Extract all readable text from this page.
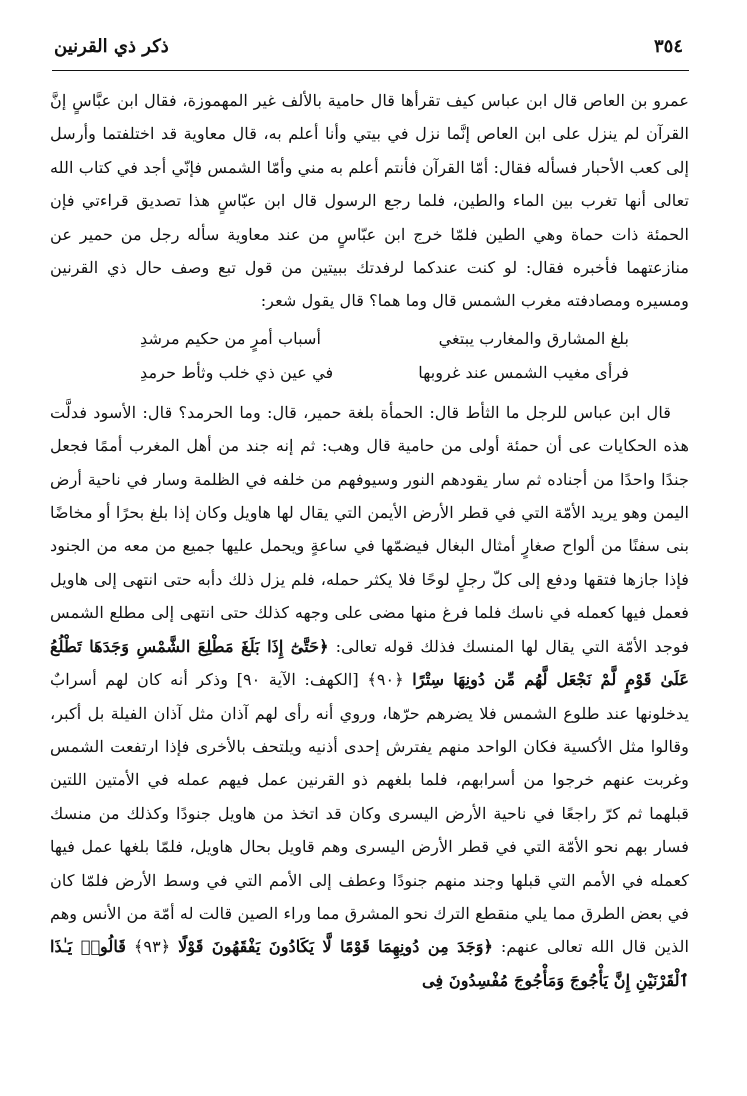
٣٥٤
ذكر ذي القرنين

عمرو بن العاص قال ابن عباس كيف تقرأها قال حامية بالألف غير المهموزة، فقال ابن عبَّاسٍ إنَّ القرآن لم ينزل على ابن العاص إنَّما نزل في بيتي وأنا أعلم به، قال معاوية قد اختلفتما وأرسل إلى كعب الأحبار فسأله فقال: أمّا القرآن فأنتم أعلم به مني وأمّا الشمس فإنّي أجد في كتاب الله تعالى أنها تغرب بين الماء والطين، فلما رجع الرسول قال ابن عبّاسٍ هذا تصديق قراءتي فإن الحمئة ذات حماة وهي الطين فلمّا خرج ابن عبّاسٍ من عند معاوية سأله رجل من حمير عن منازعتهما فأخبره فقال: لو كنت عندكما لرفدتك ببيتين من قول تبع وصف حال ذي القرنين ومسيره ومصادفته مغرب الشمس قال وما هما؟ قال يقول شعر:

بلغ المشارق والمغارب يبتغي
أسباب أمرٍ من حكيم مرشدِ
فرأى مغيب الشمس عند غروبها
في عين ذي خلب وثأط حرمدِ

قال ابن عباس للرجل ما الثأط قال: الحمأة بلغة حمير، قال: وما الحرمد؟ قال: الأسود فدلَّت هذه الحكايات عى أن حمئة أولى من حامية قال وهب: ثم إنه جند من أهل المغرب أممًا فجعل جندًا واحدًا من أجناده ثم سار يقودهم النور وسيوفهم من خلفه في الظلمة وسار في ناحية أرض اليمن وهو يريد الأمّة التي في قطر الأرض الأيمن التي يقال لها هاويل وكان إذا بلغ بحرًا أو مخاضًا بنى سفنًا من ألواح صغارٍ أمثال البغال فيضمّها في ساعةٍ ويحمل عليها جميع من معه من الجنود فإذا جازها فتقها ودفع إلى كلّ رجلٍ لوحًا فلا يكثر حمله، فلم يزل ذلك دأبه حتى انتهى إلى هاويل فعمل فيها كعمله في ناسك فلما فرغ منها مضى على وجهه كذلك حتى انتهى إلى مطلع الشمس فوجد الأمّة التي يقال لها المنسك فذلك قوله تعالى: ﴿حَتَّىٰٓ إِذَا بَلَغَ مَطْلِعَ الشَّمْسِ وَجَدَهَا تَطْلُعُ عَلَىٰ قَوْمٍ لَّمْ نَجْعَل لَّهُم مِّن دُونِهَا سِتْرًا ﴿٩٠﴾ [الكهف: الآية ٩٠] وذكر أنه كان لهم أسرابٌ يدخلونها عند طلوع الشمس فلا يضرهم حرّها، وروي أنه رأى لهم آذان مثل آذان الفيلة بل أكبر، وقالوا مثل الأكسية فكان الواحد منهم يفترش إحدى أذنيه ويلتحف بالأخرى فإذا ارتفعت الشمس وغربت عنهم خرجوا من أسرابهم، فلما بلغهم ذو القرنين عمل فيهم عمله في الأمتين اللتين قبلهما ثم كرّ راجعًا في ناحية الأرض اليسرى وكان قد اتخذ من هاويل جنودًا وكذلك من منسك فسار بهم نحو الأمّة التي في قطر الأرض اليسرى وهم قاويل بحال هاويل، فلمّا بلغها عمل فيها كعمله في الأمم التي قبلها وجند منهم جنودًا وعطف إلى الأمم التي في وسط الأرض فلمّا كان في بعض الطرق مما يلي منقطع الترك نحو المشرق مما وراء الصين قالت له أمّة من الأنس وهم الذين قال الله تعالى عنهم: ﴿وَجَدَ مِن دُونِهِمَا قَوْمًا لَّا يَكَادُونَ يَفْقَهُونَ قَوْلًا ﴿٩٣﴾ قَالُوا۟ يَـٰذَا ٱلْقَرْنَيْنِ إِنَّ يَأْجُوجَ وَمَأْجُوجَ مُفْسِدُونَ فِى
